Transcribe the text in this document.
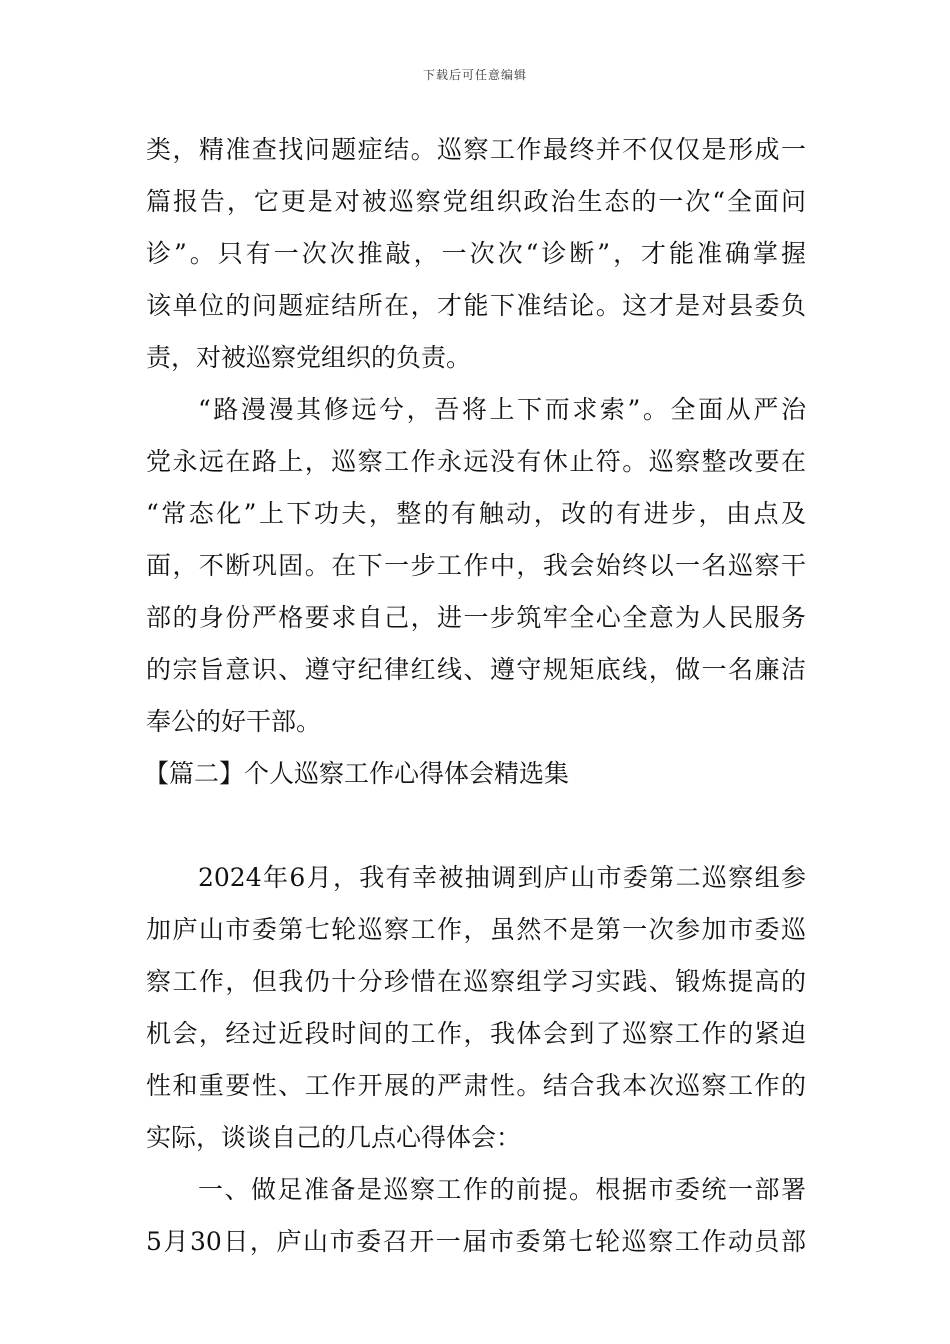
下载后可任意编辑
类，精准查找问题症结。巡察工作最终并不仅仅是形成一
篇报告，它更是对被巡察党组织政治生态的一次“全面问
诊”。只有一次次推敲，一次次“诊断”，才能准确掌握
该单位的问题症结所在，才能下准结论。这才是对县委负
责，对被巡察党组织的负责。
“路漫漫其修远兮，吾将上下而求索”。全面从严治
党永远在路上，巡察工作永远没有休止符。巡察整改要在
“常态化”上下功夫，整的有触动，改的有进步，由点及
面，不断巩固。在下一步工作中，我会始终以一名巡察干
部的身份严格要求自己，进一步筑牢全心全意为人民服务
的宗旨意识、遵守纪律红线、遵守规矩底线，做一名廉洁
奉公的好干部。
【篇二】个人巡察工作心得体会精选集
2024年6月，我有幸被抽调到庐山市委第二巡察组参
加庐山市委第七轮巡察工作，虽然不是第一次参加市委巡
察工作，但我仍十分珍惜在巡察组学习实践、锻炼提高的
机会，经过近段时间的工作，我体会到了巡察工作的紧迫
性和重要性、工作开展的严肃性。结合我本次巡察工作的
实际，谈谈自己的几点心得体会：
一、做足准备是巡察工作的前提。根据市委统一部署
5月30日，庐山市委召开一届市委第七轮巡察工作动员部
